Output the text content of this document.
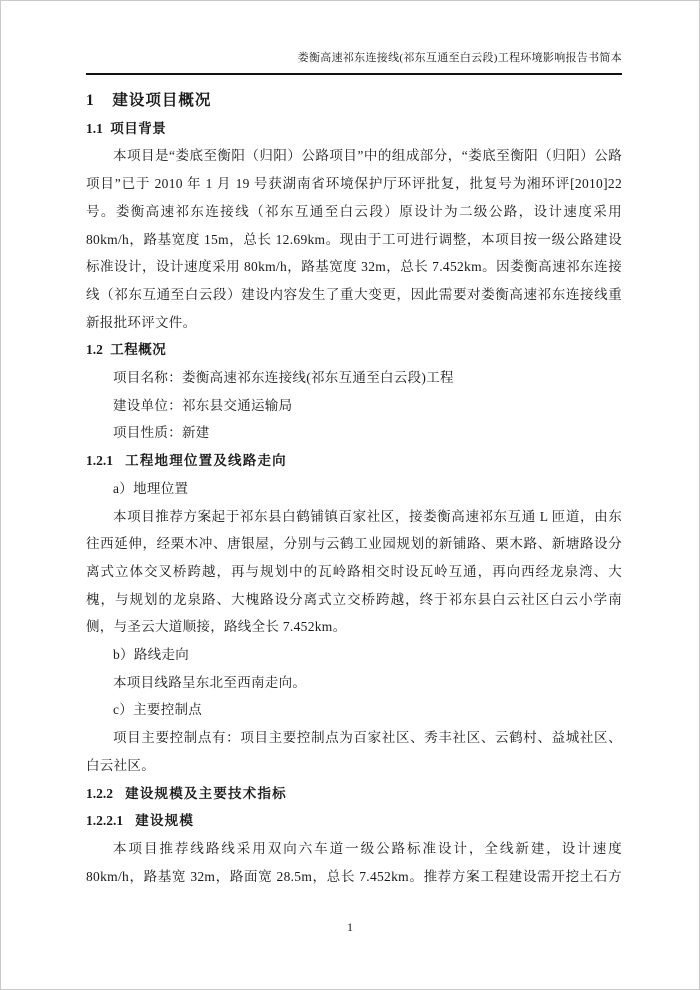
娄衡高速祁东连接线(祁东互通至白云段)工程环境影响报告书简本
1 建设项目概况
1.1 项目背景

本项目是“娄底至衡阳（归阳）公路项目”中的组成部分，“娄底至衡阳（归阳）公路项目”已于 2010 年 1 月 19 号获湖南省环境保护厅环评批复，批复号为湘环评[2010]22号。娄衡高速祁东连接线（祁东互通至白云段）原设计为二级公路，设计速度采用 80km/h，路基宽度 15m，总长 12.69km。现由于工可进行调整，本项目按一级公路建设标准设计，设计速度采用 80km/h，路基宽度 32m，总长 7.452km。因娄衡高速祁东连接线（祁东互通至白云段）建设内容发生了重大变更，因此需要对娄衡高速祁东连接线重新报批环评文件。

1.2 工程概况

项目名称：娄衡高速祁东连接线(祁东互通至白云段)工程

建设单位：祁东县交通运输局

项目性质：新建

1.2.1 工程地理位置及线路走向

a）地理位置

本项目推荐方案起于祁东县白鹤铺镇百家社区，接娄衡高速祁东互通 L 匝道，由东往西延伸，经栗木冲、唐银屋，分别与云鹤工业园规划的新铺路、栗木路、新塘路设分离式立体交叉桥跨越，再与规划中的瓦岭路相交时设瓦岭互通，再向西经龙泉湾、大槐，与规划的龙泉路、大槐路设分离式立交桥跨越，终于祁东县白云社区白云小学南侧，与圣云大道顺接，路线全长 7.452km。

b）路线走向

本项目线路呈东北至西南走向。

c）主要控制点

项目主要控制点有：项目主要控制点为百家社区、秀丰社区、云鹤村、益城社区、白云社区。

1.2.2 建设规模及主要技术指标
1.2.2.1 建设规模

本项目推荐线路线采用双向六车道一级公路标准设计，全线新建，设计速度 80km/h，路基宽 32m，路面宽 28.5m，总长 7.452km。推荐方案工程建设需开挖土石方

1
